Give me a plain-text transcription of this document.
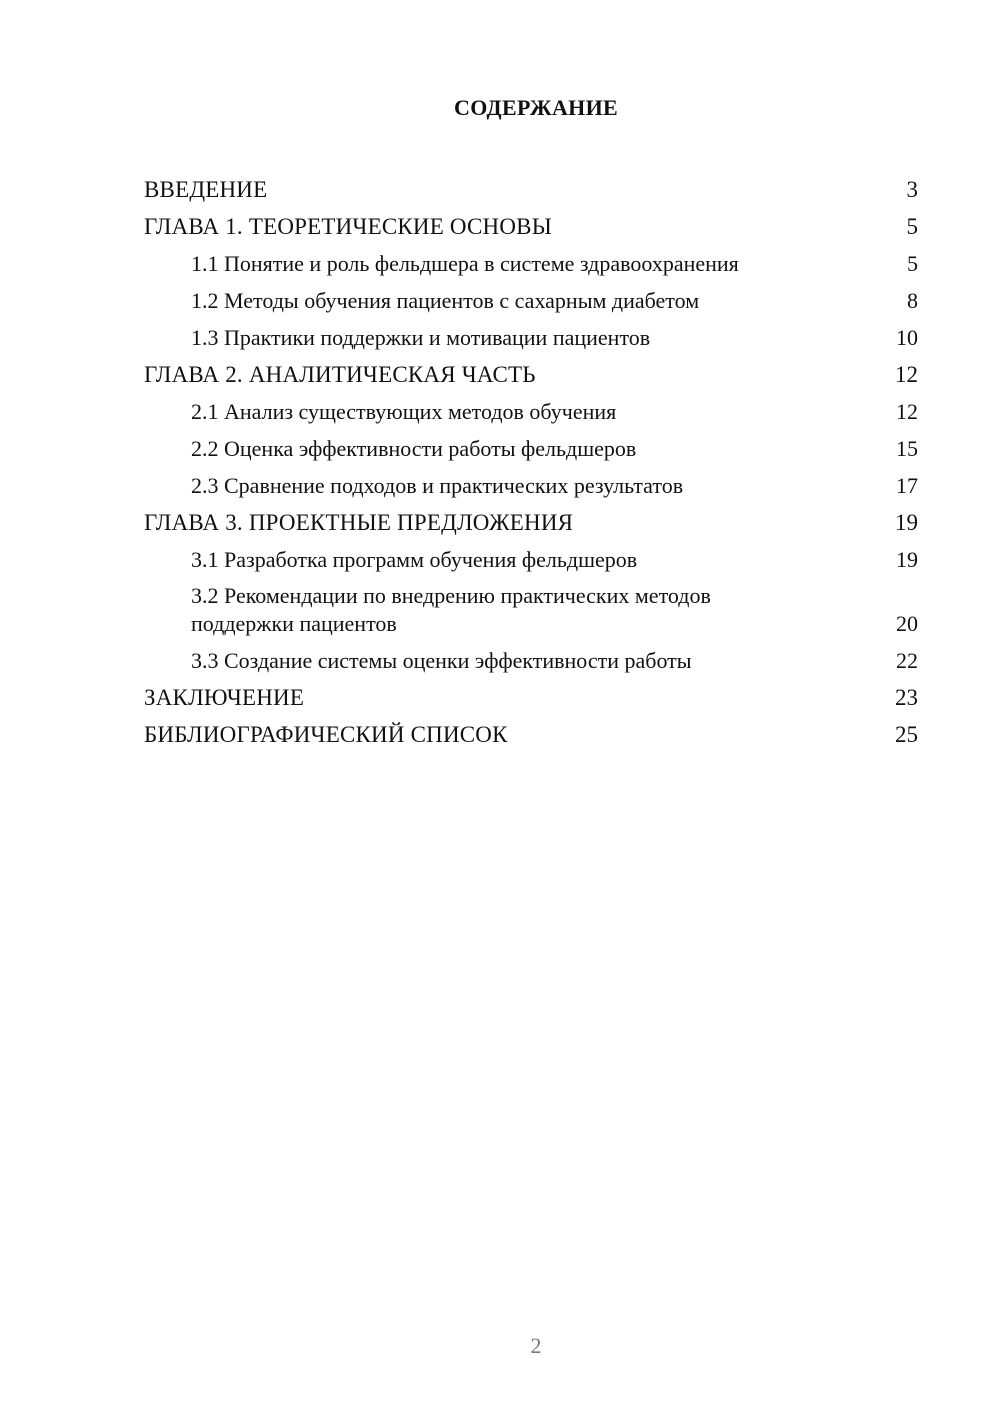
СОДЕРЖАНИЕ
ВВЕДЕНИЕ	3
ГЛАВА 1. ТЕОРЕТИЧЕСКИЕ ОСНОВЫ	5
1.1 Понятие и роль фельдшера в системе здравоохранения	5
1.2 Методы обучения пациентов с сахарным диабетом	8
1.3 Практики поддержки и мотивации пациентов	10
ГЛАВА 2. АНАЛИТИЧЕСКАЯ ЧАСТЬ	12
2.1 Анализ существующих методов обучения	12
2.2 Оценка эффективности работы фельдшеров	15
2.3 Сравнение подходов и практических результатов	17
ГЛАВА 3. ПРОЕКТНЫЕ ПРЕДЛОЖЕНИЯ	19
3.1 Разработка программ обучения фельдшеров	19
3.2 Рекомендации по внедрению практических методов
поддержки пациентов	20
3.3 Создание системы оценки эффективности работы	22
ЗАКЛЮЧЕНИЕ	23
БИБЛИОГРАФИЧЕСКИЙ СПИСОК	25
2
